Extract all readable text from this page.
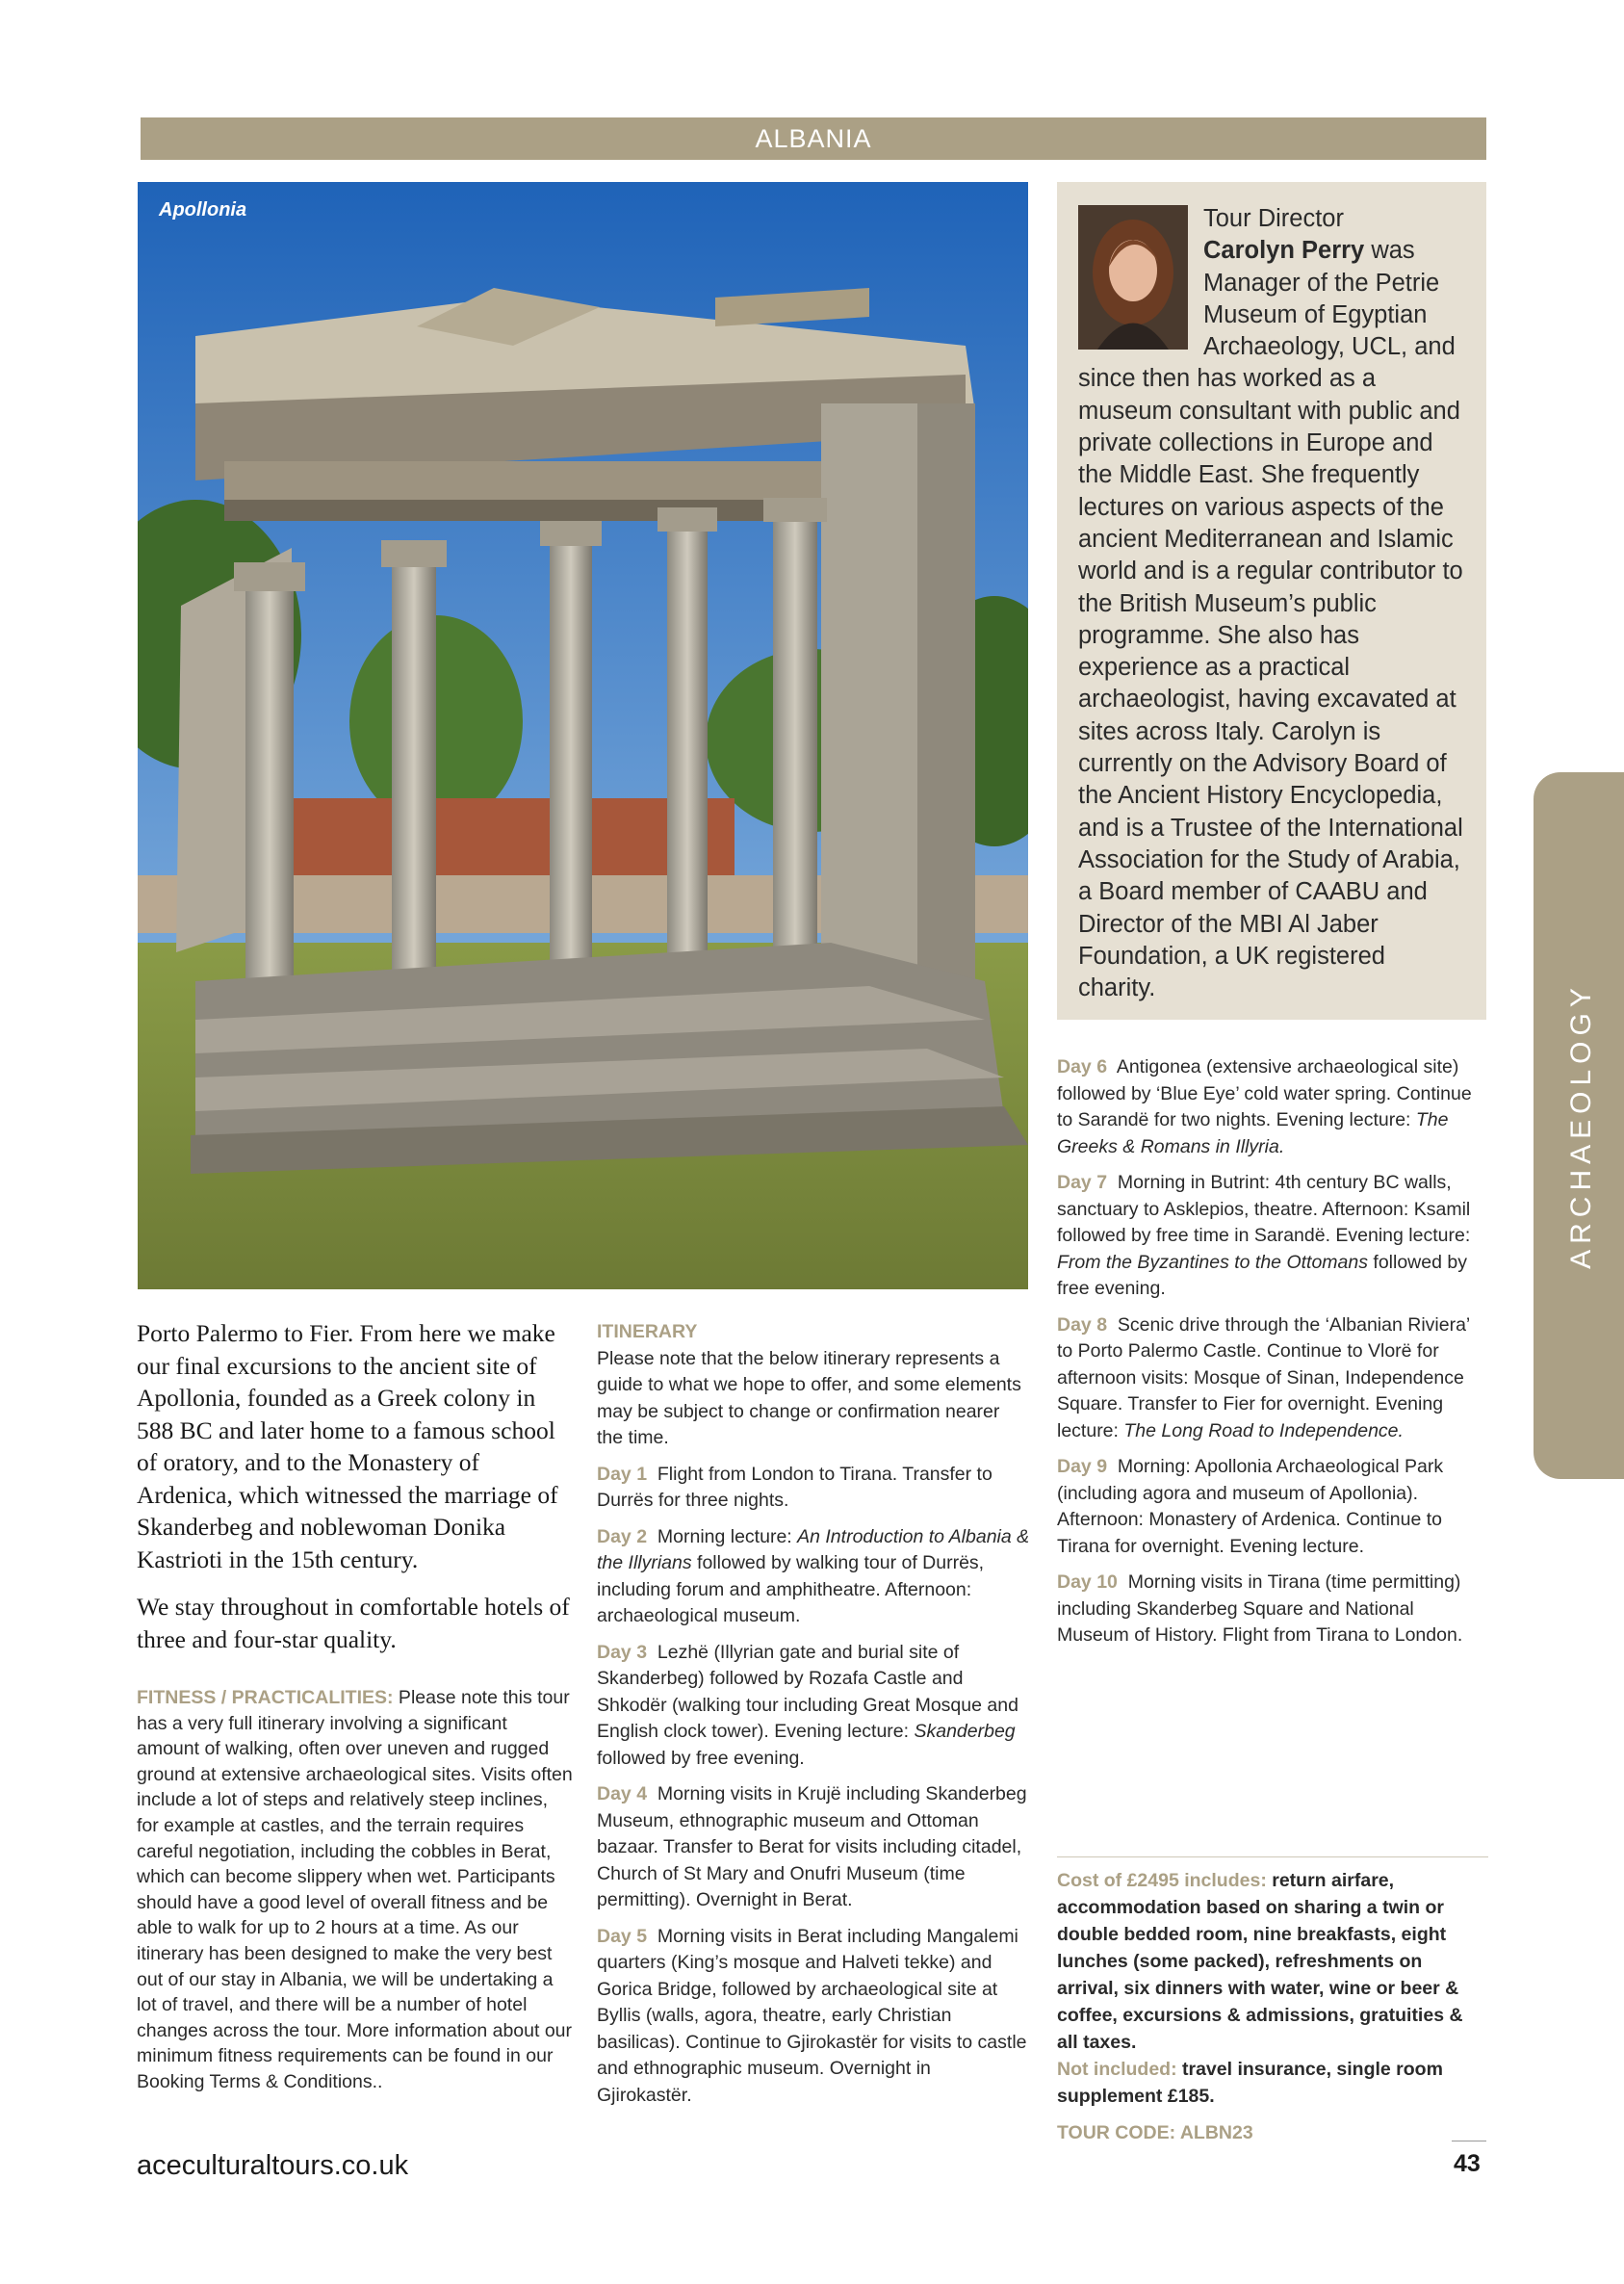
ALBANIA
Apollonia	Tour Director
Carolyn Perry was Manager of the Petrie Museum of Egyptian Archaeology, UCL, and since then has worked as a museum consultant with public and private collections in Europe and the Middle East. She frequently lectures on various aspects of the ancient Mediterranean and Islamic world and is a regular contributor to the British Museum’s public programme. She also has experience as a practical archaeologist, having excavated at sites across Italy. Carolyn is currently on the Advisory Board of the Ancient History Encyclopedia, and is a Trustee of the International Association for the Study of Arabia, a Board member of CAABU and Director of the MBI Al Jaber Foundation, a UK registered charity.	ARCHAEOLOGY

Porto Palermo to Fier. From here we make our final excursions to the ancient site of Apollonia, founded as a Greek colony in 588 BC and later home to a famous school of oratory, and to the Monastery of Ardenica, which witnessed the marriage of Skanderbeg and noblewoman Donika Kastrioti in the 15th century.

We stay throughout in comfortable hotels of three and four-star quality.

FITNESS / PRACTICALITIES: Please note this tour has a very full itinerary involving a significant amount of walking, often over uneven and rugged ground at extensive archaeological sites. Visits often include a lot of steps and relatively steep inclines, for example at castles, and the terrain requires careful negotiation, including the cobbles in Berat, which can become slippery when wet. Participants should have a good level of overall fitness and be able to walk for up to 2 hours at a time. As our itinerary has been designed to make the very best out of our stay in Albania, we will be undertaking a lot of travel, and there will be a number of hotel changes across the tour. More information about our minimum fitness requirements can be found in our Booking Terms & Conditions..
ITINERARY
Please note that the below itinerary represents a guide to what we hope to offer, and some elements may be subject to change or confirmation nearer the time.
Day 1 Flight from London to Tirana. Transfer to Durrës for three nights.
Day 2 Morning lecture: An Introduction to Albania & the Illyrians followed by walking tour of Durrës, including forum and amphitheatre. Afternoon: archaeological museum.
Day 3 Lezhë (Illyrian gate and burial site of Skanderbeg) followed by Rozafa Castle and Shkodër (walking tour including Great Mosque and English clock tower). Evening lecture: Skanderbeg followed by free evening.
Day 4 Morning visits in Krujë including Skanderbeg Museum, ethnographic museum and Ottoman bazaar. Transfer to Berat for visits including citadel, Church of St Mary and Onufri Museum (time permitting). Overnight in Berat.
Day 5 Morning visits in Berat including Mangalemi quarters (King’s mosque and Halveti tekke) and Gorica Bridge, followed by archaeological site at Byllis (walls, agora, theatre, early Christian basilicas). Continue to Gjirokastër for visits to castle and ethnographic museum. Overnight in Gjirokastër.
Day 6 Antigonea (extensive archaeological site) followed by ‘Blue Eye’ cold water spring. Continue to Sarandë for two nights. Evening lecture: The Greeks & Romans in Illyria.
Day 7 Morning in Butrint: 4th century BC walls, sanctuary to Asklepios, theatre. Afternoon: Ksamil followed by free time in Sarandë. Evening lecture: From the Byzantines to the Ottomans followed by free evening.
Day 8 Scenic drive through the ‘Albanian Riviera’ to Porto Palermo Castle. Continue to Vlorë for afternoon visits: Mosque of Sinan, Independence Square. Transfer to Fier for overnight. Evening lecture: The Long Road to Independence.
Day 9 Morning: Apollonia Archaeological Park (including agora and museum of Apollonia). Afternoon: Monastery of Ardenica. Continue to Tirana for overnight. Evening lecture.
Day 10 Morning visits in Tirana (time permitting) including Skanderbeg Square and National Museum of History. Flight from Tirana to London.
Cost of £2495 includes: return airfare, accommodation based on sharing a twin or double bedded room, nine breakfasts, eight lunches (some packed), refreshments on arrival, six dinners with water, wine or beer & coffee, excursions & admissions, gratuities & all taxes.
Not included: travel insurance, single room supplement £185.
TOUR CODE: ALBN23
aceculturaltours.co.uk	43
